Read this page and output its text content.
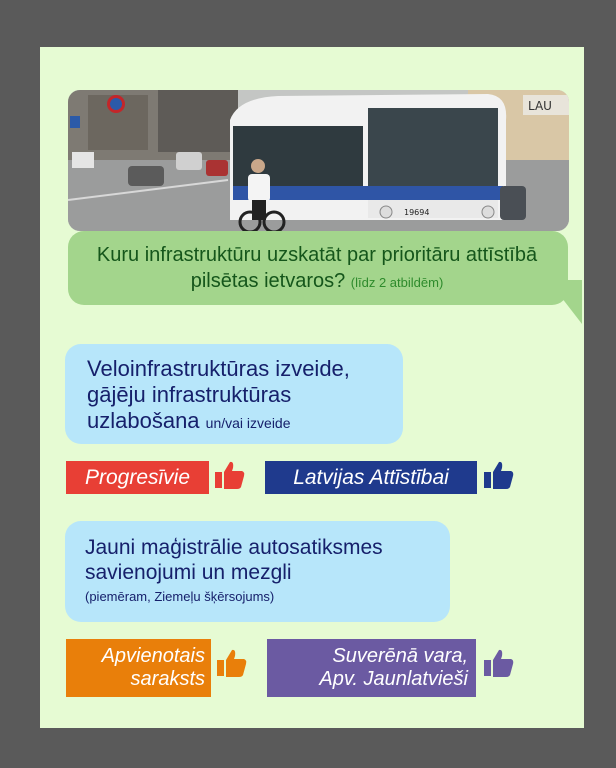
LAU
19694
Kuru infrastruktūru uzskatāt par prioritāru attīstībā pilsētas ietvaros? (līdz 2 atbildēm)
Veloinfrastruktūras izveide,
gājēju infrastruktūras
uzlabošana un/vai izveide
Progresīvie	Latvijas Attīstībai
Jauni maģistrālie autosatiksmes
savienojumi un mezgli
(piemēram, Ziemeļu šķērsojums)
Apvienotais
saraksts
Suverēnā vara,
Apv. Jaunlatvieši
